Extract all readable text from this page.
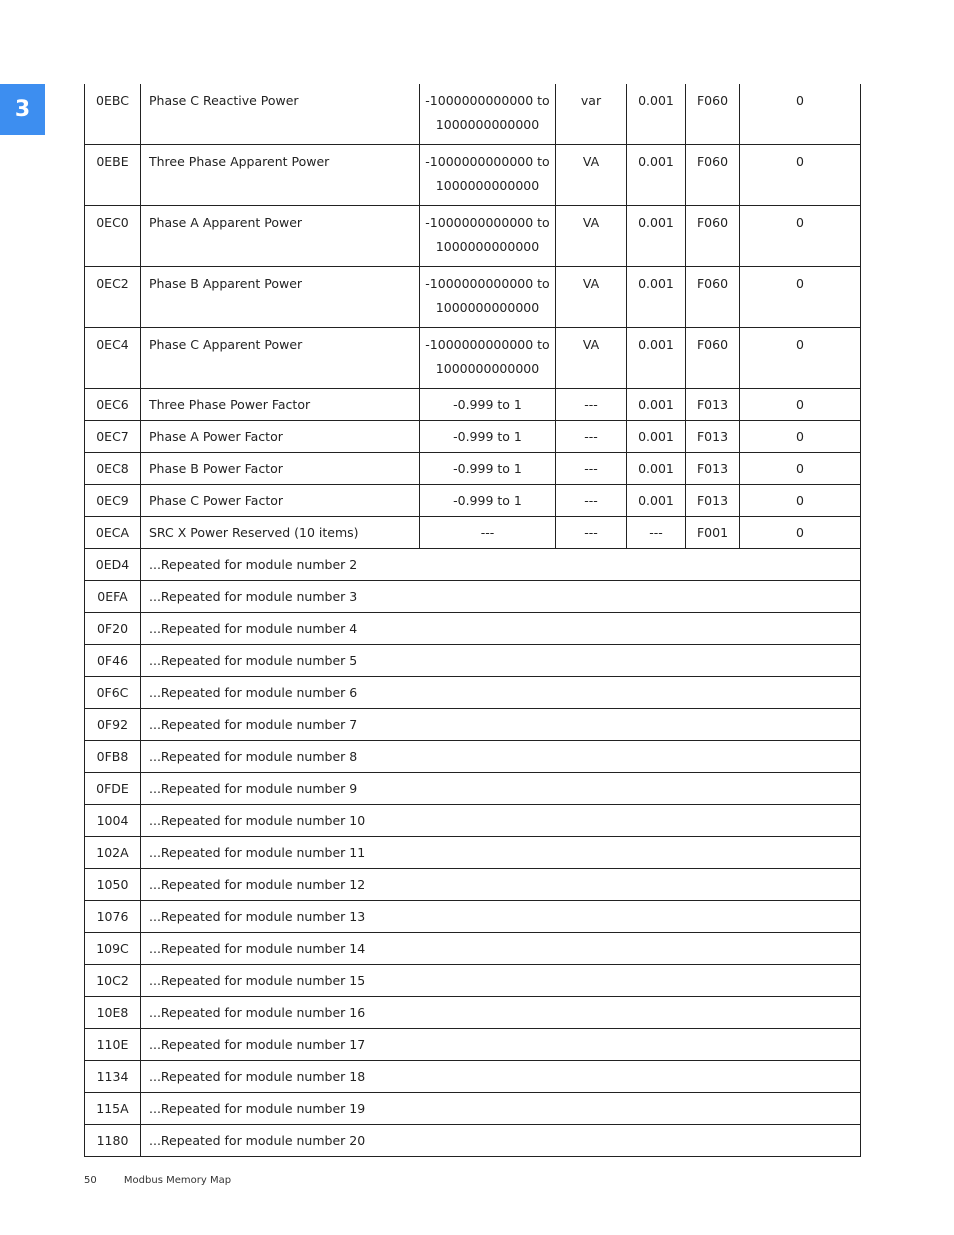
3	0EBC	Phase C Reactive Power	-1000000000000 to
1000000000000	var	0.001	F060	0
0EBE	Three Phase Apparent Power	-1000000000000 to
1000000000000	VA	0.001	F060	0
0EC0	Phase A Apparent Power	-1000000000000 to
1000000000000	VA	0.001	F060	0
0EC2	Phase B Apparent Power	-1000000000000 to
1000000000000	VA	0.001	F060	0
0EC4	Phase C Apparent Power	-1000000000000 to
1000000000000	VA	0.001	F060	0
0EC6	Three Phase Power Factor	-0.999 to 1	---	0.001	F013	0
0EC7	Phase A Power Factor	-0.999 to 1	---	0.001	F013	0
0EC8	Phase B Power Factor	-0.999 to 1	---	0.001	F013	0
0EC9	Phase C Power Factor	-0.999 to 1	---	0.001	F013	0
0ECA	SRC X Power Reserved (10 items)	---	---	---	F001	0
0ED4	...Repeated for module number 2					
0EFA	...Repeated for module number 3					
0F20	...Repeated for module number 4					
0F46	...Repeated for module number 5					
0F6C	...Repeated for module number 6					
0F92	...Repeated for module number 7					
0FB8	...Repeated for module number 8					
0FDE	...Repeated for module number 9					
1004	...Repeated for module number 10					
102A	...Repeated for module number 11					
1050	...Repeated for module number 12					
1076	...Repeated for module number 13					
109C	...Repeated for module number 14					
10C2	...Repeated for module number 15					
10E8	...Repeated for module number 16					
110E	...Repeated for module number 17					
1134	...Repeated for module number 18					
115A	...Repeated for module number 19					
1180	...Repeated for module number 20					
50	Modbus Memory Map
